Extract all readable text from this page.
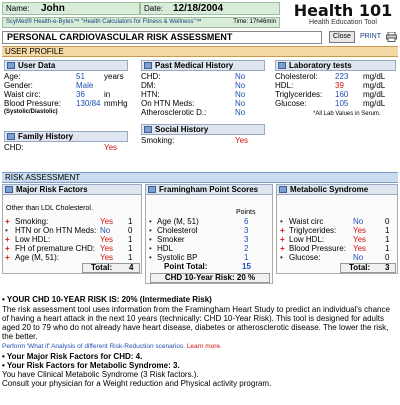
Name: John	Date: 12/18/2004
ScyMed® Health-e-Bytes™ "Health Calculators for Fitness & Wellness"™	Time: 17h46min
Health 101
Health Education Tool
PERSONAL CARDIOVASCULAR RISK ASSESSMENT	Close	PRINT
USER PROFILE
User Data
Age:	51 years
Gender:	Male
Waist circ:	36 in
Blood Pressure: 130/84 mmHg
(Systolic/Diastolic)
Past Medical History
CHD:	No
DM:	No
HTN:	No
On HTN Meds:	No
Atherosclerotic D.:	No
Laboratory tests
Cholesterol: 223 mg/dL
HDL:	39 mg/dL
Triglycerides: 160 mg/dL
Glucose:	105 mg/dL
*All Lab Values in Serum.
Family History
CHD:	Yes
Social History
Smoking:	Yes
RISK ASSESSMENT
Major Risk Factors
Other than LDL Cholesterol.
+ Smoking:	Yes 1
• HTN or On HTN Meds: No 0
+ Low HDL:	Yes 1
+ FH of premature CHD: Yes 1
+ Age (M, 51):	Yes 1
Total: 4
Framingham Point Scores
Points
• Age (M, 51)	6
• Cholesterol	3
• Smoker	3
• HDL	2
• Systolic BP	1
Point Total:	15
CHD 10-Year Risk: 20 %
Metabolic Syndrome
• Waist circ	No	0
+ Triglycerides: Yes 1
+ Low HDL:	Yes 1
+ Blood Pressure: Yes 1
• Glucose:	No	0
Total: 3
• YOUR CHD 10-YEAR RISK IS: 20% (Intermediate Risk)
The risk assessment tool uses information from the Framingham Heart Study to predict an individual's chance of having a heart attack in the next 10 years (technically: CHD 10-Year Risk). This tool is designed for adults aged 20 to 79 who do not already have heart disease, diabetes or atherosclerotic disease. The lower the risk, the better.
Perform 'What if' Analysis of different Risk-Reduction scenarios. Learn more.
• Your Major Risk Factors for CHD: 4.
• Your Risk Factors for Metabolic Syndrome: 3.
You have Clinical Metabolic Syndrome (3 Risk factors.).
Consult your physician for a Weight reduction and Physical activity program.
